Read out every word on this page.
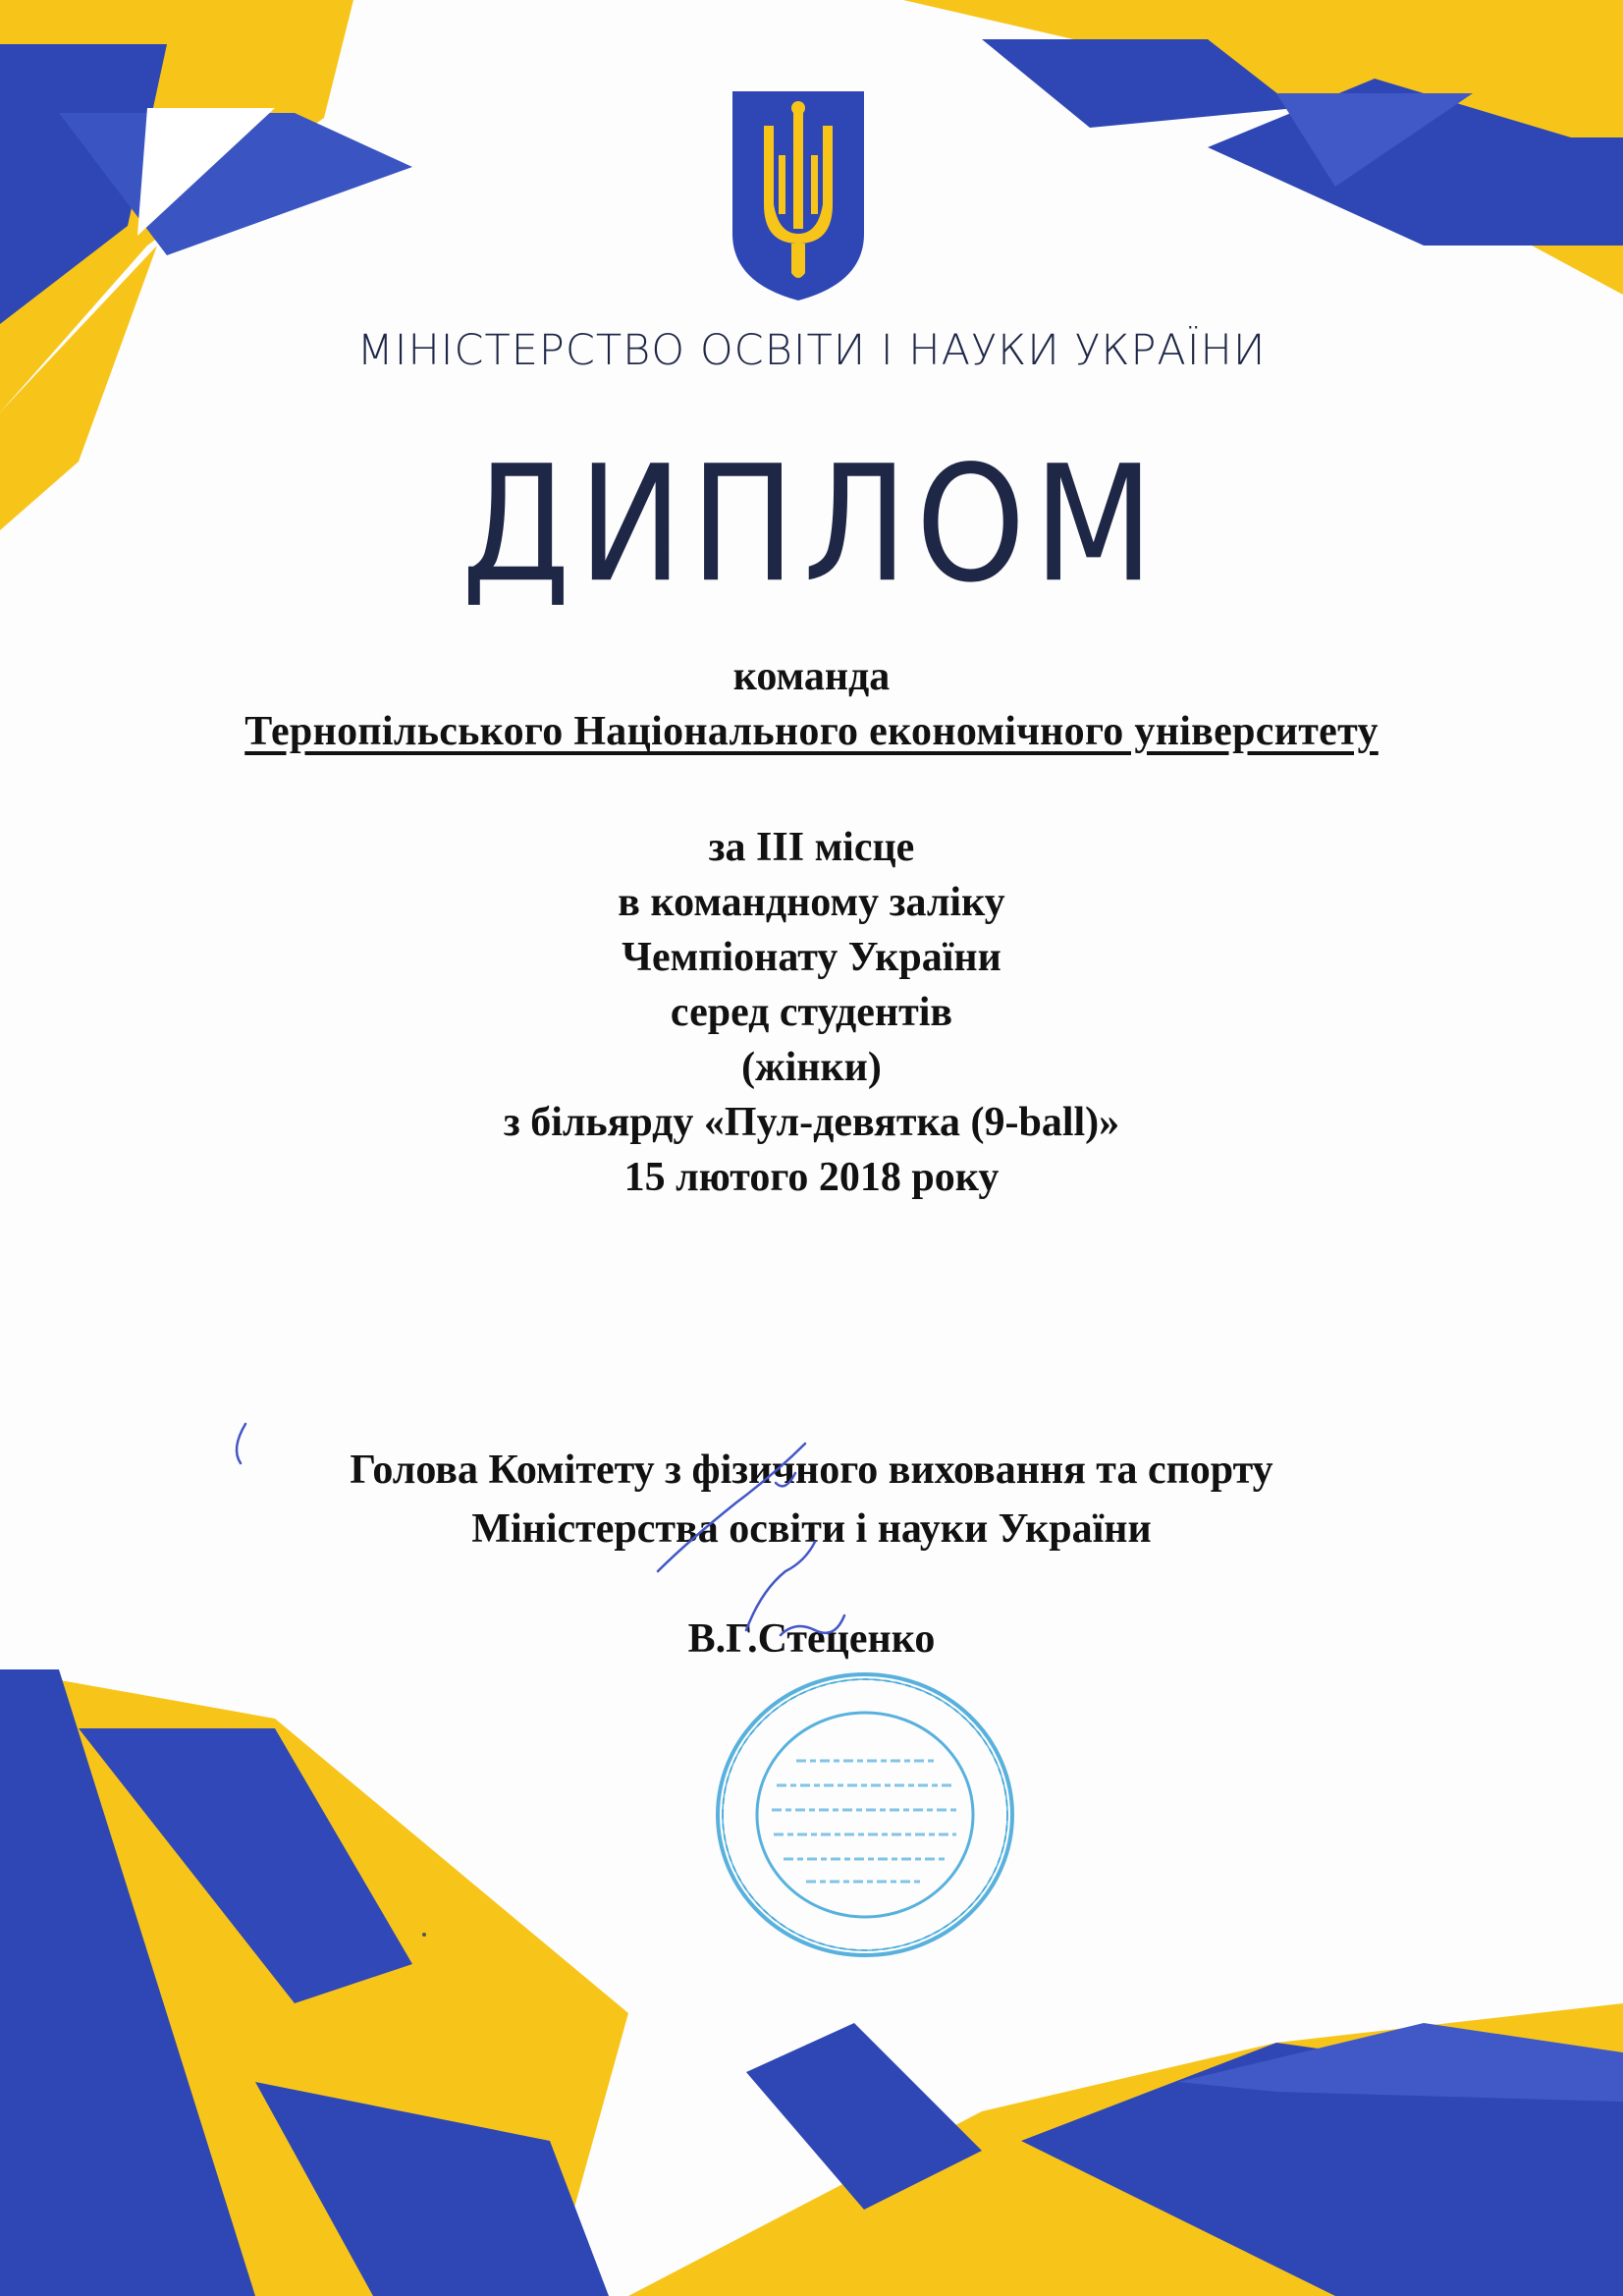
МІНІСТЕРСТВО ОСВІТИ І НАУКИ УКРАЇНИ
ДИПЛОМ
команда
Тернопільського Національного економічного університету
за III місце
в командному заліку
Чемпіонату України
серед студентів
(жінки)
з більярду «Пул-девятка (9-ball)»
15 лютого 2018 року
Голова Комітету з фізичного виховання та спорту
Міністерства освіти і науки України
В.Г.Стеценко
